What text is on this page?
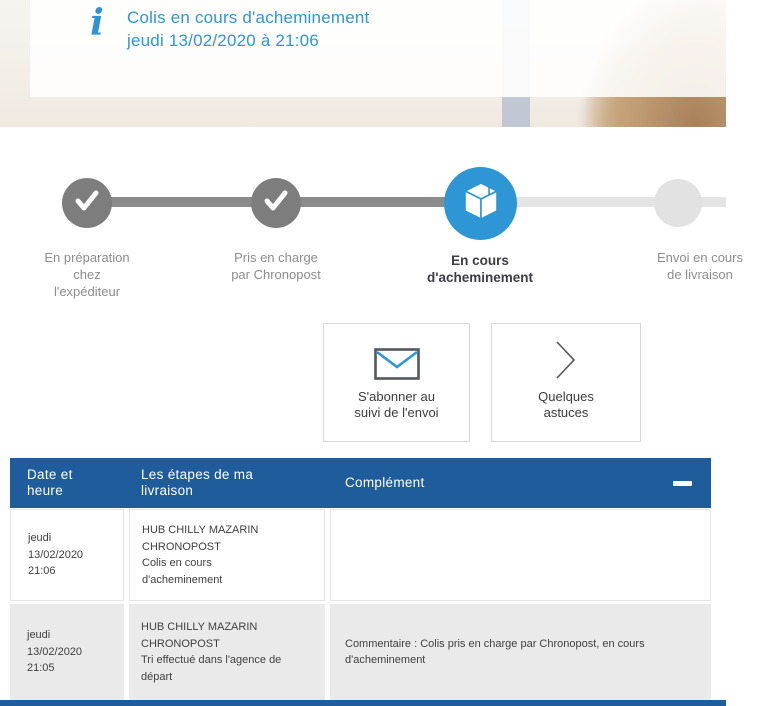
i	Colis en cours d'acheminement
jeudi 13/02/2020 à 21:06
En préparation
chez
l'expéditeur
Pris en charge
par Chronopost
En cours
d'acheminement
Envoi en cours
de livraison
S'abonner au
suivi de l'envoi
Quelques
astuces
Date et
heure
Les étapes de ma
livraison
Complément
jeudi
13/02/2020
21:06
HUB CHILLY MAZARIN
CHRONOPOST
Colis en cours
d'acheminement
jeudi
13/02/2020
21:05
HUB CHILLY MAZARIN
CHRONOPOST
Tri effectué dans l'agence de
départ
Commentaire : Colis pris en charge par Chronopost, en cours d'acheminement
